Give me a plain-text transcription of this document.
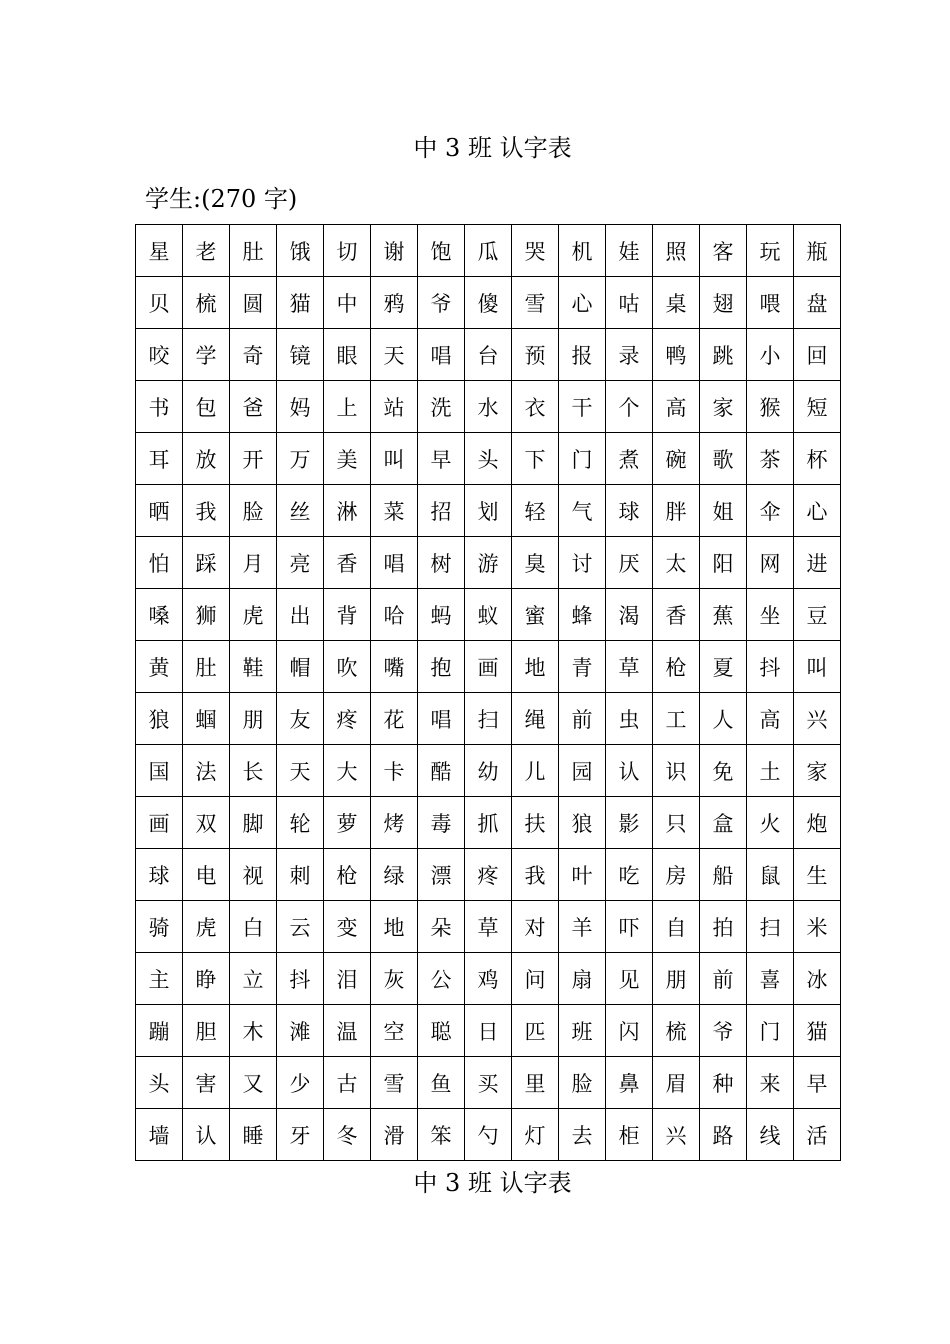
中 3 班 认字表
学生:(270 字)
星	老	肚	饿	切	谢	饱	瓜	哭	机	娃	照	客	玩	瓶
贝	梳	圆	猫	中	鸦	爷	傻	雪	心	咕	桌	翅	喂	盘
咬	学	奇	镜	眼	天	唱	台	预	报	录	鸭	跳	小	回
书	包	爸	妈	上	站	洗	水	衣	干	个	高	家	猴	短
耳	放	开	万	美	叫	早	头	下	门	煮	碗	歌	茶	杯
晒	我	脸	丝	淋	菜	招	划	轻	气	球	胖	姐	伞	心
怕	踩	月	亮	香	唱	树	游	臭	讨	厌	太	阳	网	进
嗓	狮	虎	出	背	哈	蚂	蚁	蜜	蜂	渴	香	蕉	坐	豆
黄	肚	鞋	帽	吹	嘴	抱	画	地	青	草	枪	夏	抖	叫
狼	蝈	朋	友	疼	花	唱	扫	绳	前	虫	工	人	高	兴
国	法	长	天	大	卡	酷	幼	儿	园	认	识	免	土	家
画	双	脚	轮	萝	烤	毒	抓	扶	狼	影	只	盒	火	炮
球	电	视	刺	枪	绿	漂	疼	我	叶	吃	房	船	鼠	生
骑	虎	白	云	变	地	朵	草	对	羊	吓	自	拍	扫	米
主	睁	立	抖	泪	灰	公	鸡	问	扇	见	朋	前	喜	冰
蹦	胆	木	滩	温	空	聪	日	匹	班	闪	梳	爷	门	猫
头	害	又	少	古	雪	鱼	买	里	脸	鼻	眉	种	来	早
墙	认	睡	牙	冬	滑	笨	勺	灯	去	柜	兴	路	线	活
中 3 班 认字表
